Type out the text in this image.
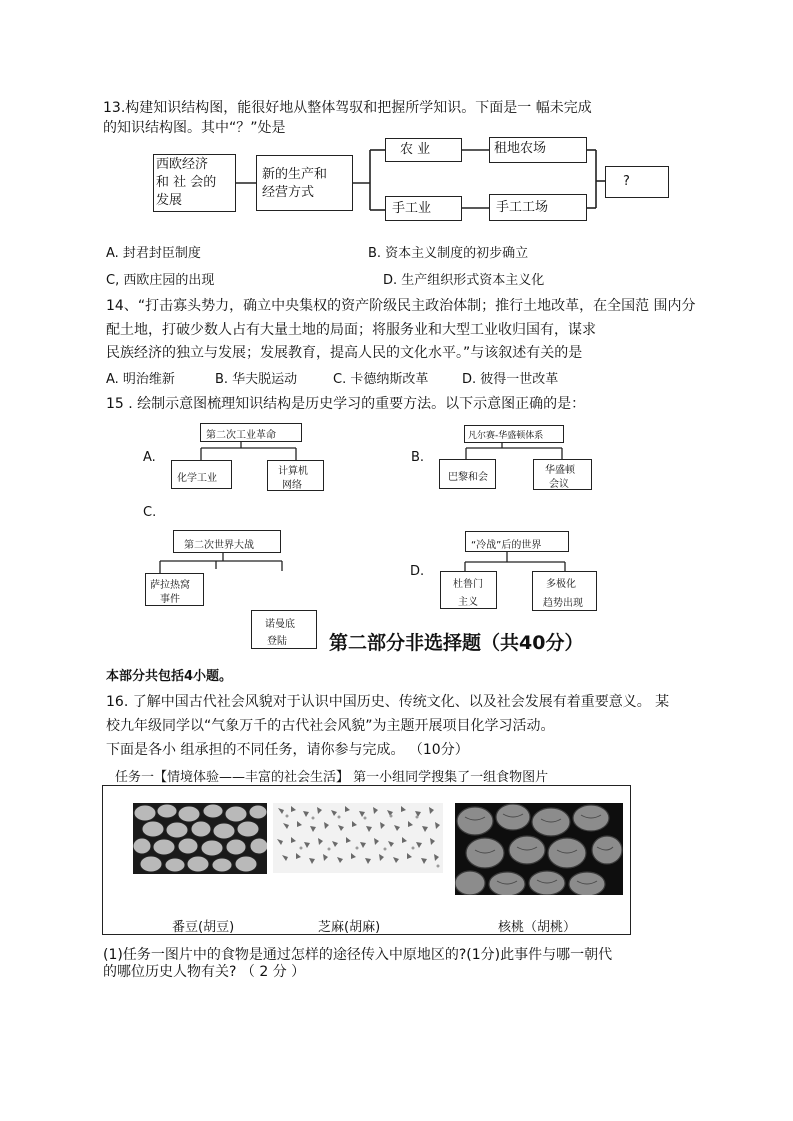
13.构建知识结构图，能很好地从整体驾驭和把握所学知识。下面是一 幅未完成
的知识结构图。其中“？”处是
西欧经济
和 社 会的
发展
新的生产和
经营方式
农 业
手工业
租地农场
手工工场
?
A. 封君封臣制度	B. 资本主义制度的初步确立
C, 西欧庄园的出现	D. 生产组织形式资本主义化
14、“打击寡头势力，确立中央集权的资产阶级民主政治体制；推行土地改革，在全国范 围内分
配土地，打破少数人占有大量土地的局面；将服务业和大型工业收归国有，谋求
民族经济的独立与发展；发展教育，提高人民的文化水平。”与该叙述有关的是
A. 明治维新	B. 华夫脱运动	C. 卡德纳斯改革	D. 彼得一世改革
15 . 绘制示意图梳理知识结构是历史学习的重要方法。以下示意图正确的是：
A.
第二次工业革命
化学工业
计算机
网络
B.
凡尔赛-华盛顿体系
巴黎和会
华盛顿
会议
C.
第二次世界大战
萨拉热窝
事件
诺曼底
登陆
D.
“冷战”后的世界
杜鲁门
主义
多极化
趋势出现
第二部分非选择题（共40分）
本部分共包括4小题。
16. 了解中国古代社会风貌对于认识中国历史、传统文化、以及社会发展有着重要意义。 某
校九年级同学以“气象万千的古代社会风貌”为主题开展项目化学习活动。
下面是各小 组承担的不同任务，请你参与完成。 （10分）
任务一【情境体验——丰富的社会生活】 第一小组同学搜集了一组食物图片
番豆(胡豆)	芝麻(胡麻)	核桃（胡桃）
(1)任务一图片中的食物是通过怎样的途径传入中原地区的?(1分)此事件与哪一朝代
的哪位历史人物有关? （ 2 分 ）
